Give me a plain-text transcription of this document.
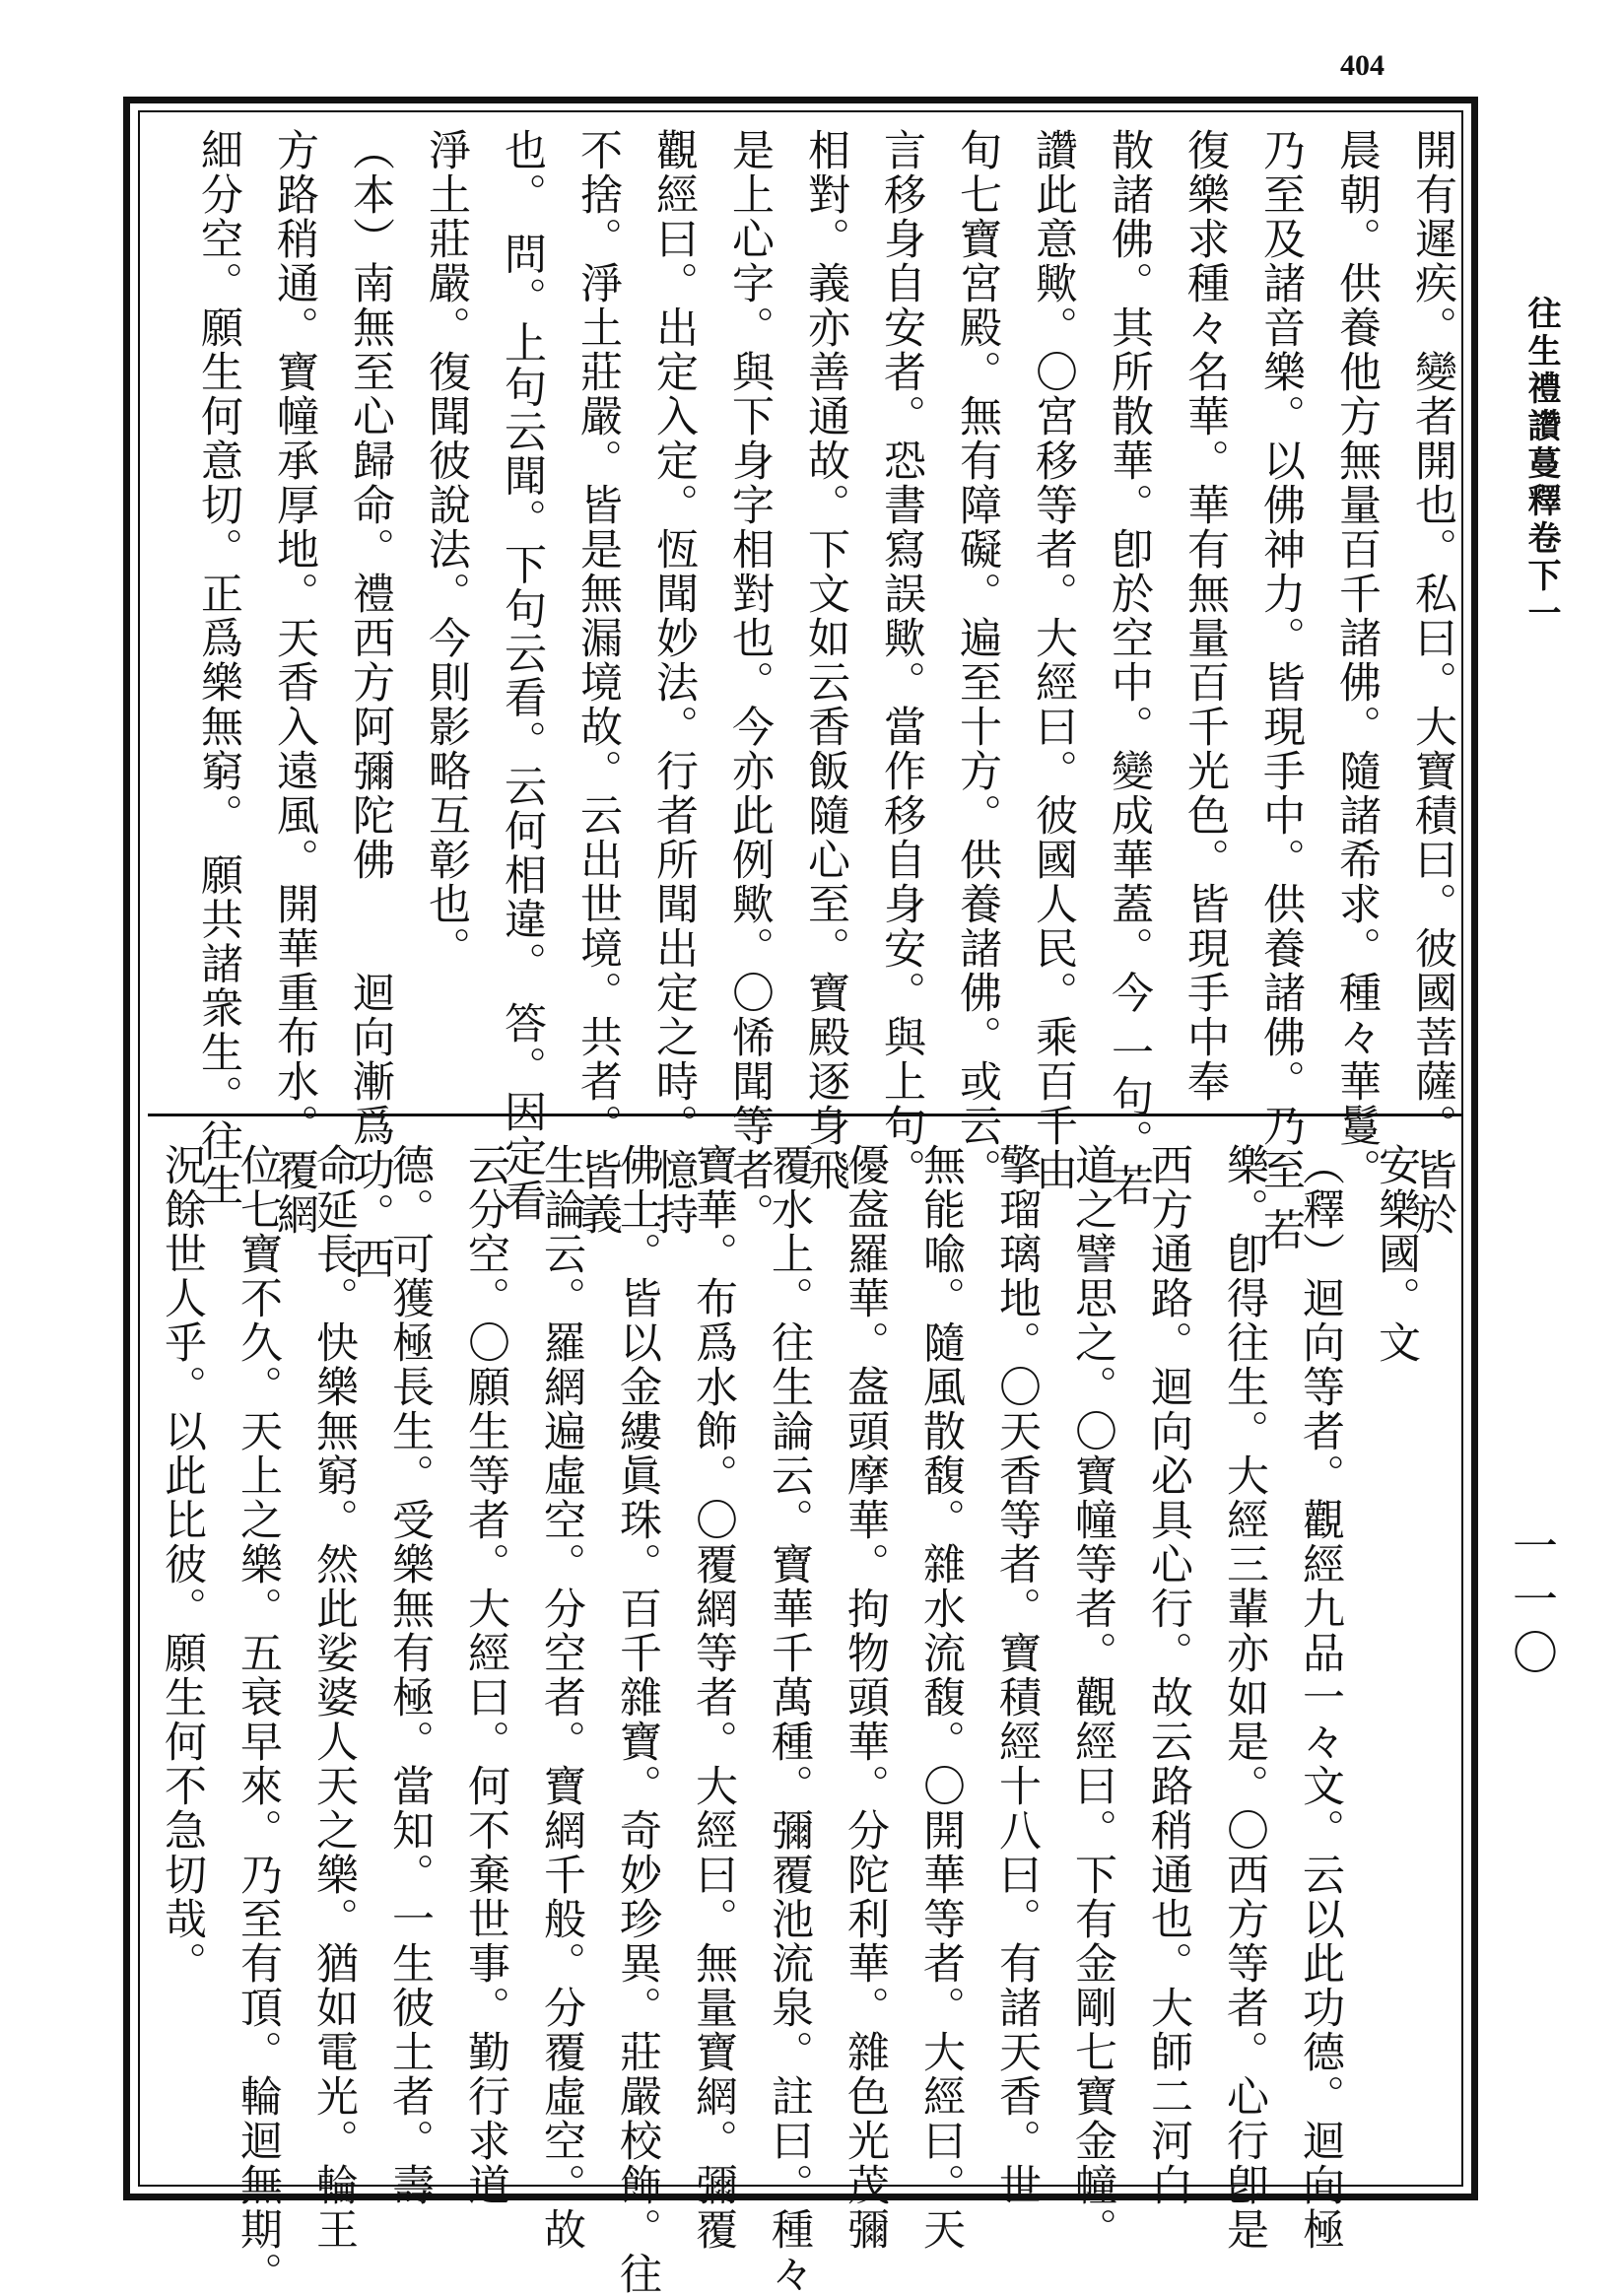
404
開有遲疾。變者開也。私曰。大寶積曰。彼國菩薩。皆於
晨朝。供養他方無量百千諸佛。隨諸希求。種々華鬘。
乃至及諸音樂。以佛神力。皆現手中。供養諸佛。乃至 若
復樂求種々名華。華有無量百千光色。皆現手中奉
散諸佛。其所散華。卽於空中。變成華蓋。今 一句。若
讚此意歟。〇宮移等者。大經曰。彼國人民。乘百千由
旬七寶宮殿。無有障礙。遍至十方。供養諸佛。或云。
言移身自安者。恐書寫誤歟。當作移自身安。與上句。
相對。義亦善通故。下文如云香飯隨心至。寶殿逐身飛
是上心字。與下身字相對也。今亦此例歟。〇悕聞等者。
觀經曰。出定入定。恆聞妙法。行者所聞出定之時。憶持
不捨。淨土莊嚴。皆是無漏境故。云出世境。共者。皆義
也。 問。上句云聞。下句云看。云何相違。 答。因定看
淨土莊嚴。復聞彼說法。今則影略互彰也。
（本）南無至心歸命。禮西方阿彌陀佛　　迴向漸爲功。西
方路稍通。寶幢承厚地。天香入遠風。開華重布水。覆網
細分空。願生何意切。正爲樂無窮。 願共諸衆生。往生
安樂國。文
（釋）迴向等者。觀經九品一々文。云以此功德。迴向極
樂。卽得往生。大經三輩亦如是。〇西方等者。心行卽是
西方通路。迴向必具心行。故云路稍通也。大師二河白
道之譬思之。〇寶幢等者。觀經曰。下有金剛七寶金幢。
擎瑠璃地。〇天香等者。寶積經十八曰。有諸天香。世
無能喩。隨風散馥。雜水流馥。〇開華等者。大經曰。天
優盋羅華。盋頭摩華。拘物頭華。分陀利華。雜色光茂彌
覆水上。往生論云。寶華千萬種。彌覆池流泉。註曰。種々
寶華。布爲水飾。〇覆網等者。大經曰。無量寶網。彌覆
佛土。皆以金縷眞珠。百千雜寶。奇妙珍異。莊嚴校飾。往
生論云。羅網遍虛空。分空者。寶網千般。分覆虛空。故
云分空。〇願生等者。大經曰。何不棄世事。勤行求道
德。可獲極長生。受樂無有極。當知。一生彼土者。壽
命延長。快樂無窮。然此娑婆人天之樂。猶如電光。輪王
位七寶不久。天上之樂。五衰早來。乃至有頂。輪迴無期。
況餘世人乎。以此比彼。願生何不急切哉。
往生禮讚蔓釋卷下一
一一〇
